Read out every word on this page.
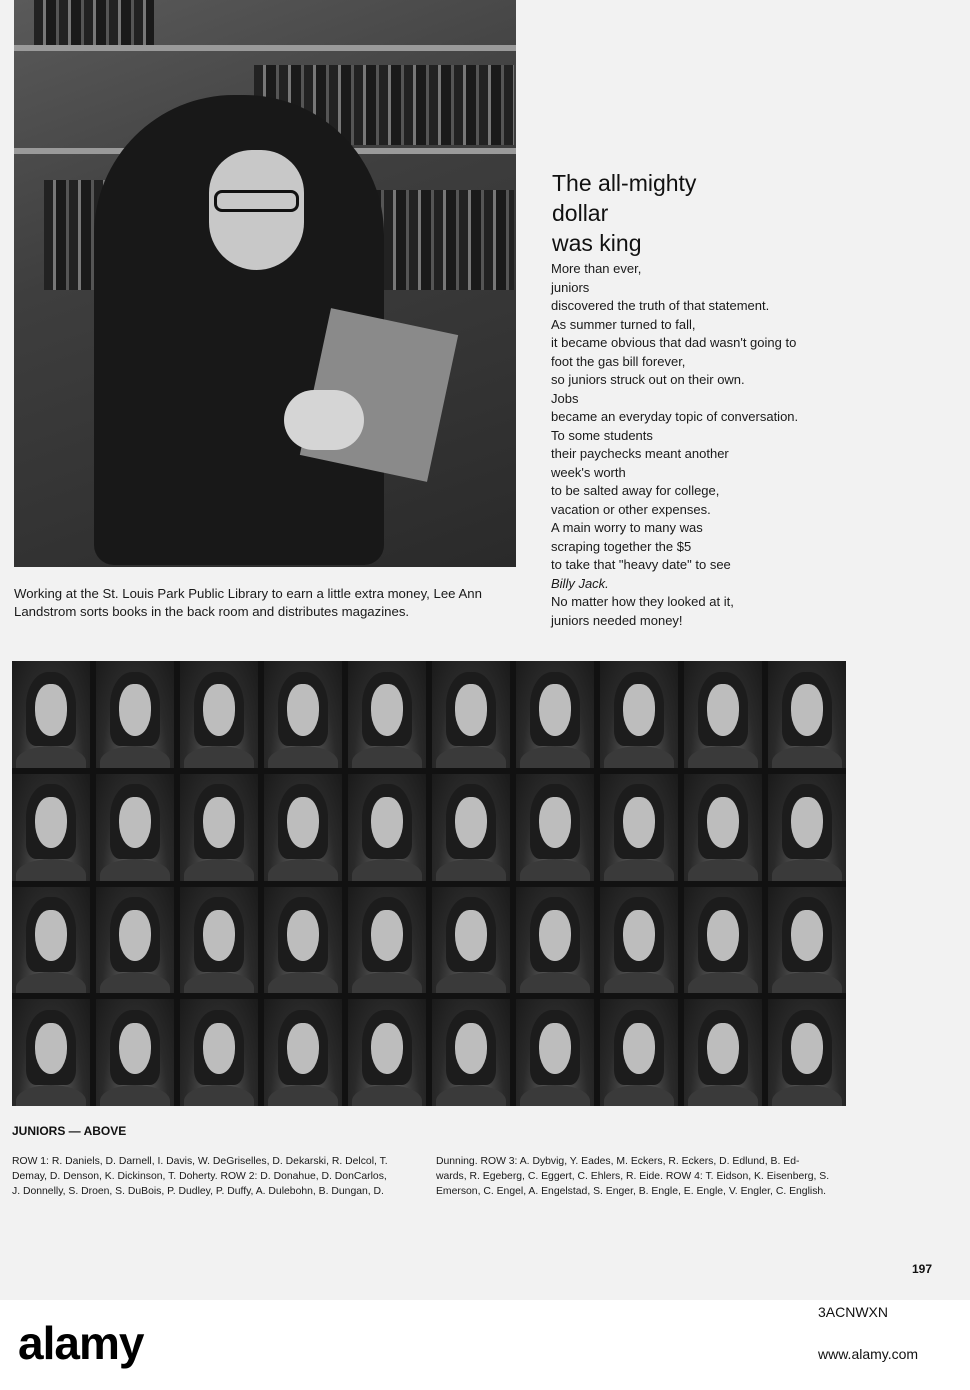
Working at the St. Louis Park Public Library to earn a little extra money, Lee Ann
Landstrom sorts books in the back room and distributes magazines.
The all-mighty
dollar
was king
More than ever,
juniors
discovered the truth of that statement.
As summer turned to fall,
it became obvious that dad wasn't going to
foot the gas bill forever,
so juniors struck out on their own.
Jobs
became an everyday topic of conversation.
To some students
their paychecks meant another
week's worth
to be salted away for college,
vacation or other expenses.
A main worry to many was
scraping together the $5
to take that "heavy date" to see
Billy Jack.
No matter how they looked at it,
juniors needed money!
JUNIORS — ABOVE
ROW 1: R. Daniels, D. Darnell, I. Davis, W. DeGriselles, D. Dekarski, R. Delcol, T.
Demay, D. Denson, K. Dickinson, T. Doherty. ROW 2: D. Donahue, D. DonCarlos,
J. Donnelly, S. Droen, S. DuBois, P. Dudley, P. Duffy, A. Dulebohn, B. Dungan, D.
Dunning. ROW 3: A. Dybvig, Y. Eades, M. Eckers, R. Eckers, D. Edlund, B. Ed-
wards, R. Egeberg, C. Eggert, C. Ehlers, R. Eide. ROW 4: T. Eidson, K. Eisenberg, S.
Emerson, C. Engel, A. Engelstad, S. Enger, B. Engle, E. Engle, V. Engler, C. English.
197
alamy
3ACNWXN
www.alamy.com
